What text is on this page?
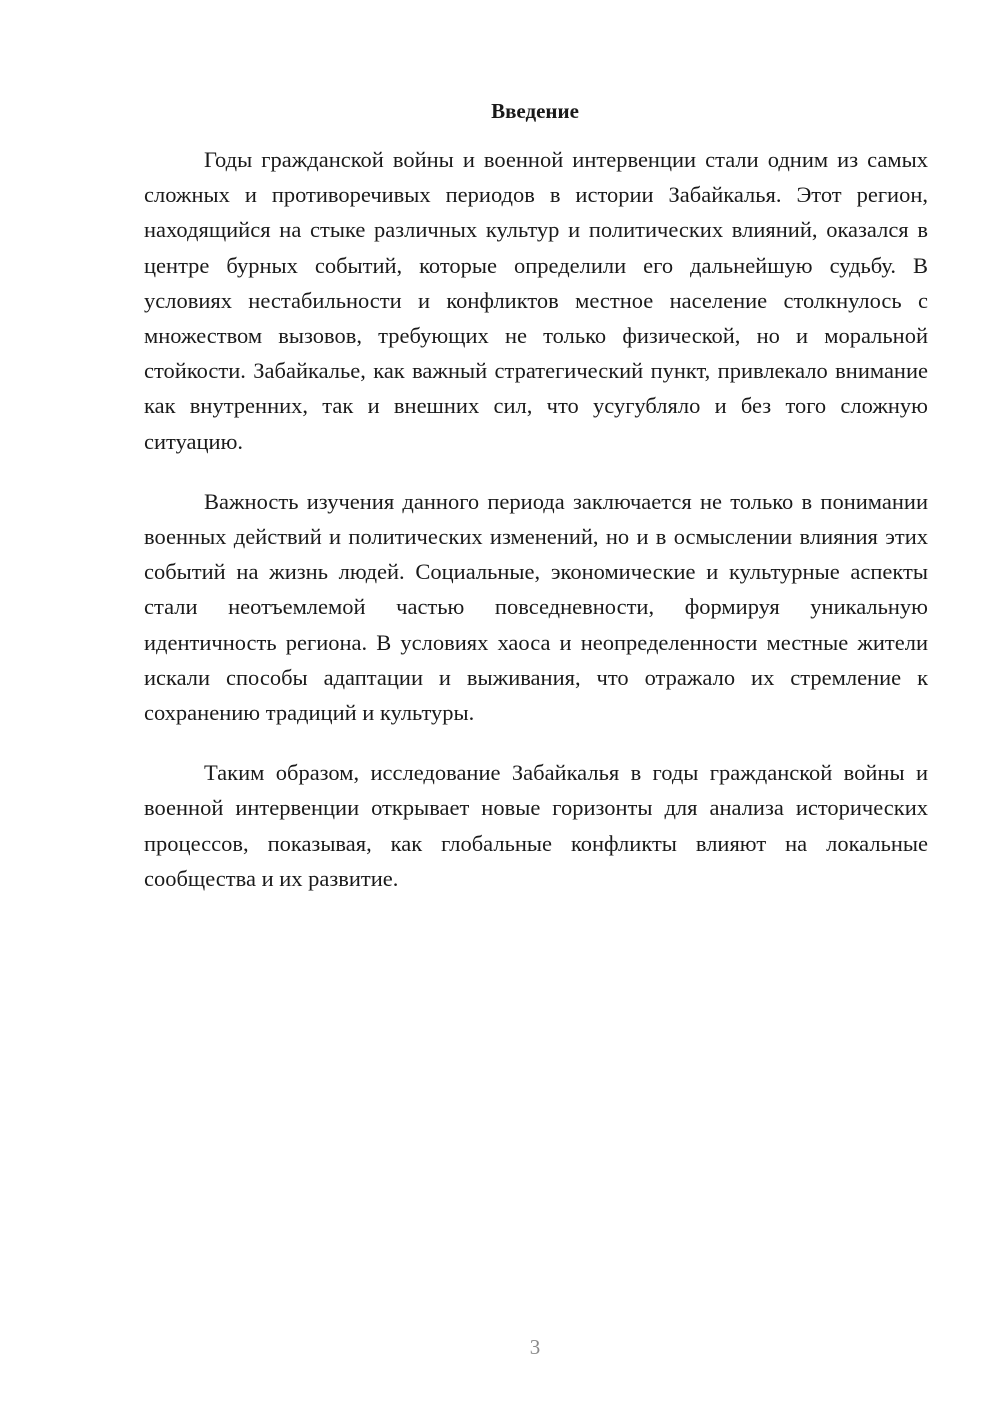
Введение

Годы гражданской войны и военной интервенции стали одним из самых сложных и противоречивых периодов в истории Забайкалья. Этот регион, находящийся на стыке различных культур и политических влияний, оказался в центре бурных событий, которые определили его дальнейшую судьбу. В условиях нестабильности и конфликтов местное население столкнулось с множеством вызовов, требующих не только физической, но и моральной стойкости. Забайкалье, как важный стратегический пункт, привлекало внимание как внутренних, так и внешних сил, что усугубляло и без того сложную ситуацию.

Важность изучения данного периода заключается не только в понимании военных действий и политических изменений, но и в осмыслении влияния этих событий на жизнь людей. Социальные, экономические и культурные аспекты стали неотъемлемой частью повседневности, формируя уникальную идентичность региона. В условиях хаоса и неопределенности местные жители искали способы адаптации и выживания, что отражало их стремление к сохранению традиций и культуры.

Таким образом, исследование Забайкалья в годы гражданской войны и военной интервенции открывает новые горизонты для анализа исторических процессов, показывая, как глобальные конфликты влияют на локальные сообщества и их развитие.

3
